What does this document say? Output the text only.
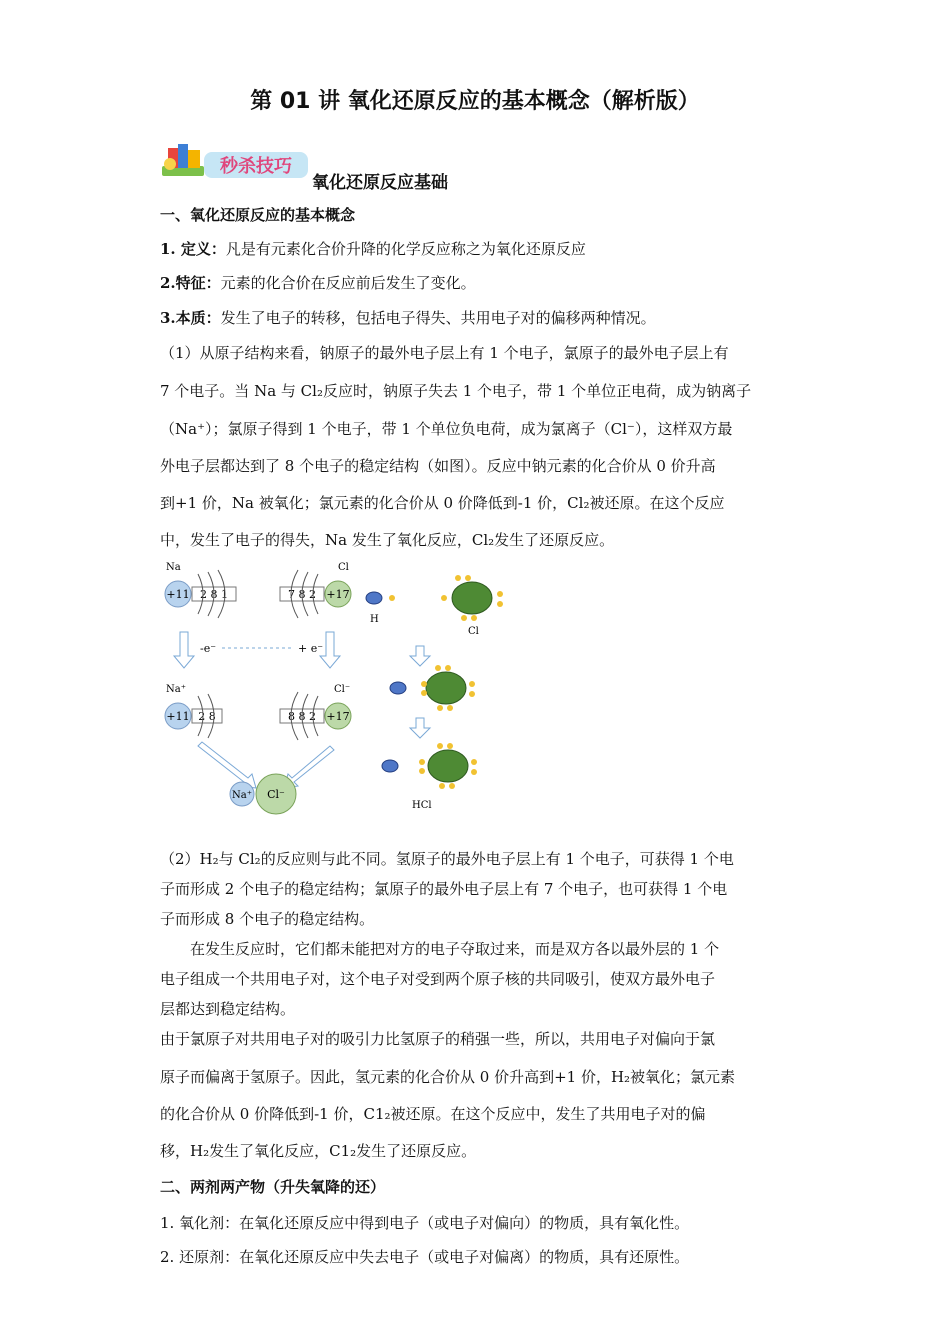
第 01 讲 氧化还原反应的基本概念（解析版）
秒杀技巧
氧化还原反应基础
一、氧化还原反应的基本概念
1. 定义：凡是有元素化合价升降的化学反应称之为氧化还原反应
2.特征：元素的化合价在反应前后发生了变化。
3.本质：发生了电子的转移，包括电子得失、共用电子对的偏移两种情况。
（1）从原子结构来看，钠原子的最外电子层上有 1 个电子，氯原子的最外电子层上有
7 个电子。当 Na 与 Cl₂反应时，钠原子失去 1 个电子，带 1 个单位正电荷，成为钠离子
（Na⁺）；氯原子得到 1 个电子，带 1 个单位负电荷，成为氯离子（Cl⁻），这样双方最
外电子层都达到了 8 个电子的稳定结构（如图）。反应中钠元素的化合价从 0 价升高
到+1 价，Na 被氧化；氯元素的化合价从 0 价降低到-1 价，Cl₂被还原。在这个反应
中，发生了电子的得失，Na 发生了氧化反应，Cl₂发生了还原反应。
Na
+11 2 8 1
Cl
+17
7 8 2
-e⁻	+ e⁻
Na⁺
+11 2 8
Cl⁻
+17
8 8 2
Na⁺ Cl⁻
H
Cl
HCl
（2）H₂与 Cl₂的反应则与此不同。氢原子的最外电子层上有 1 个电子，可获得 1 个电
子而形成 2 个电子的稳定结构；氯原子的最外电子层上有 7 个电子，也可获得 1 个电
子而形成 8 个电子的稳定结构。
　　在发生反应时，它们都未能把对方的电子夺取过来，而是双方各以最外层的 1 个
电子组成一个共用电子对，这个电子对受到两个原子核的共同吸引，使双方最外电子
层都达到稳定结构。
由于氯原子对共用电子对的吸引力比氢原子的稍强一些，所以，共用电子对偏向于氯
原子而偏离于氢原子。因此，氢元素的化合价从 0 价升高到+1 价，H₂被氧化；氯元素
的化合价从 0 价降低到-1 价，C1₂被还原。在这个反应中，发生了共用电子对的偏
移，H₂发生了氧化反应，C1₂发生了还原反应。
二、两剂两产物（升失氧降的还）
1. 氧化剂：在氧化还原反应中得到电子（或电子对偏向）的物质，具有氧化性。
2. 还原剂：在氧化还原反应中失去电子（或电子对偏离）的物质，具有还原性。
